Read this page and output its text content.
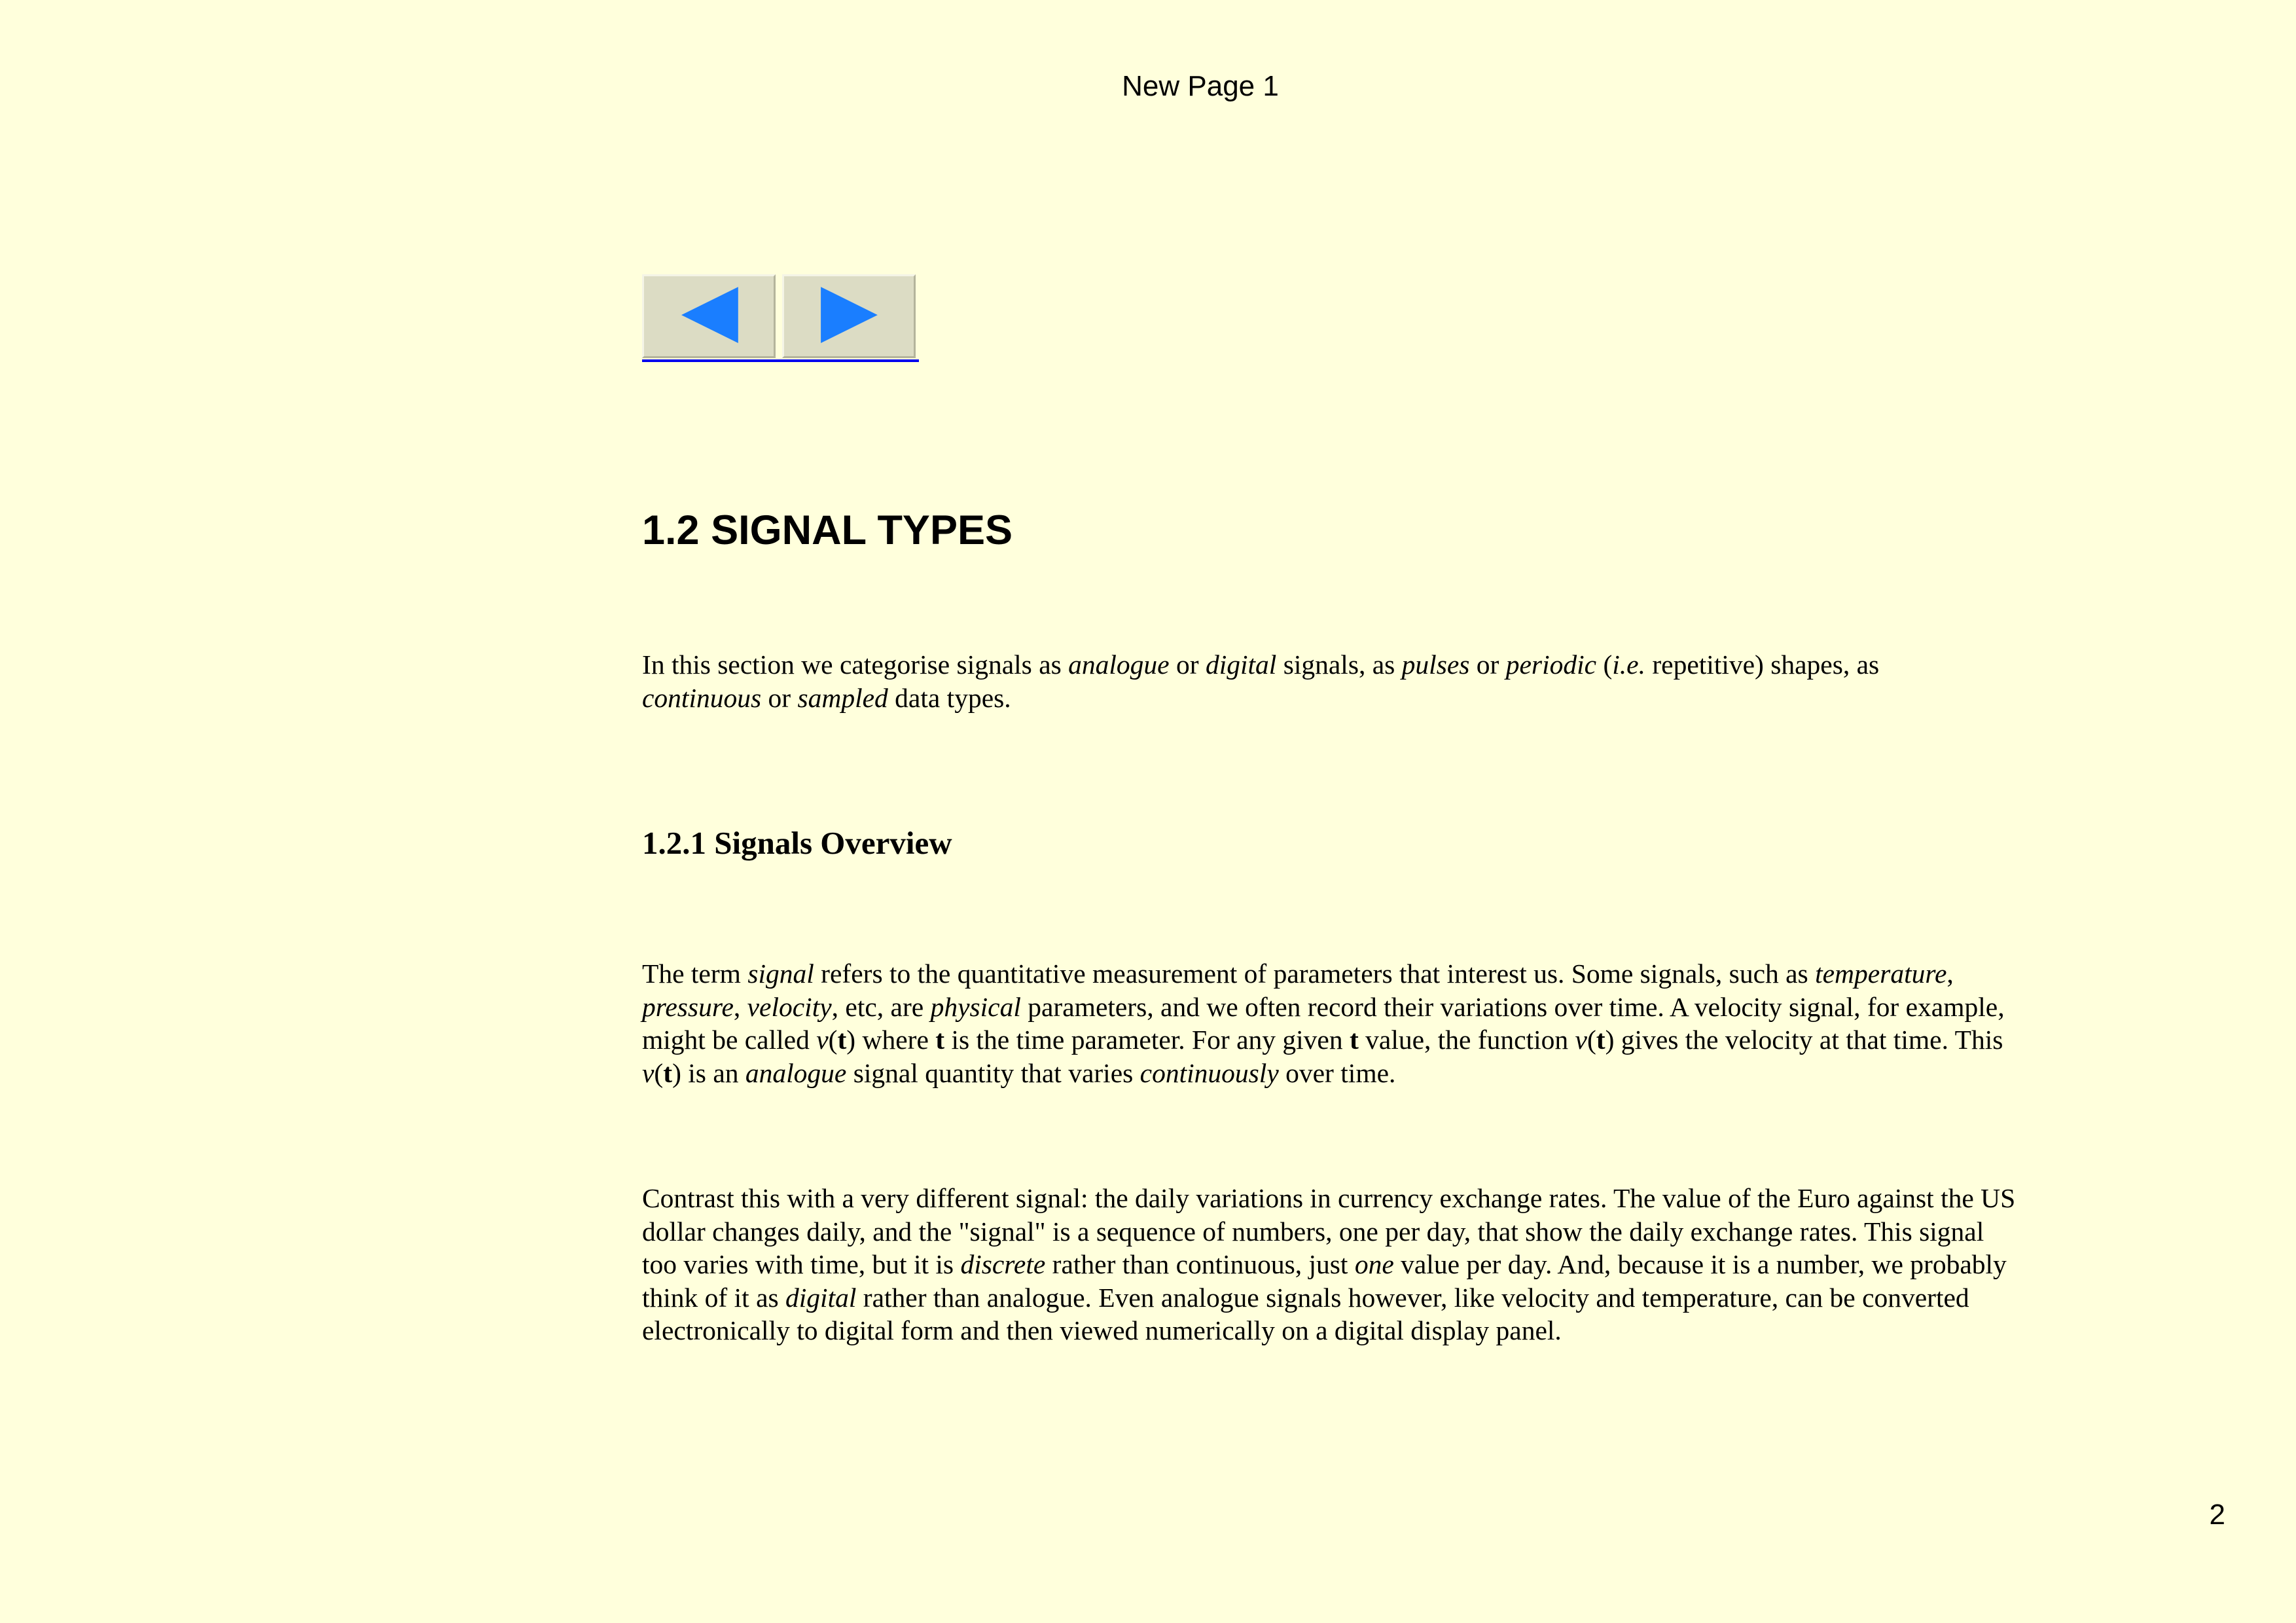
New Page 1
1.2 SIGNAL TYPES

In this section we categorise signals as analogue or digital signals, as pulses or periodic (i.e. repetitive) shapes, as
continuous or sampled data types.

1.2.1 Signals Overview

The term signal refers to the quantitative measurement of parameters that interest us. Some signals, such as temperature,
pressure, velocity, etc, are physical parameters, and we often record their variations over time. A velocity signal, for example,
might be called v(t) where t is the time parameter. For any given t value, the function v(t) gives the velocity at that time. This
v(t) is an analogue signal quantity that varies continuously over time.

Contrast this with a very different signal: the daily variations in currency exchange rates. The value of the Euro against the US
dollar changes daily, and the "signal" is a sequence of numbers, one per day, that show the daily exchange rates. This signal
too varies with time, but it is discrete rather than continuous, just one value per day. And, because it is a number, we probably
think of it as digital rather than analogue. Even analogue signals however, like velocity and temperature, can be converted
electronically to digital form and then viewed numerically on a digital display panel.

2
